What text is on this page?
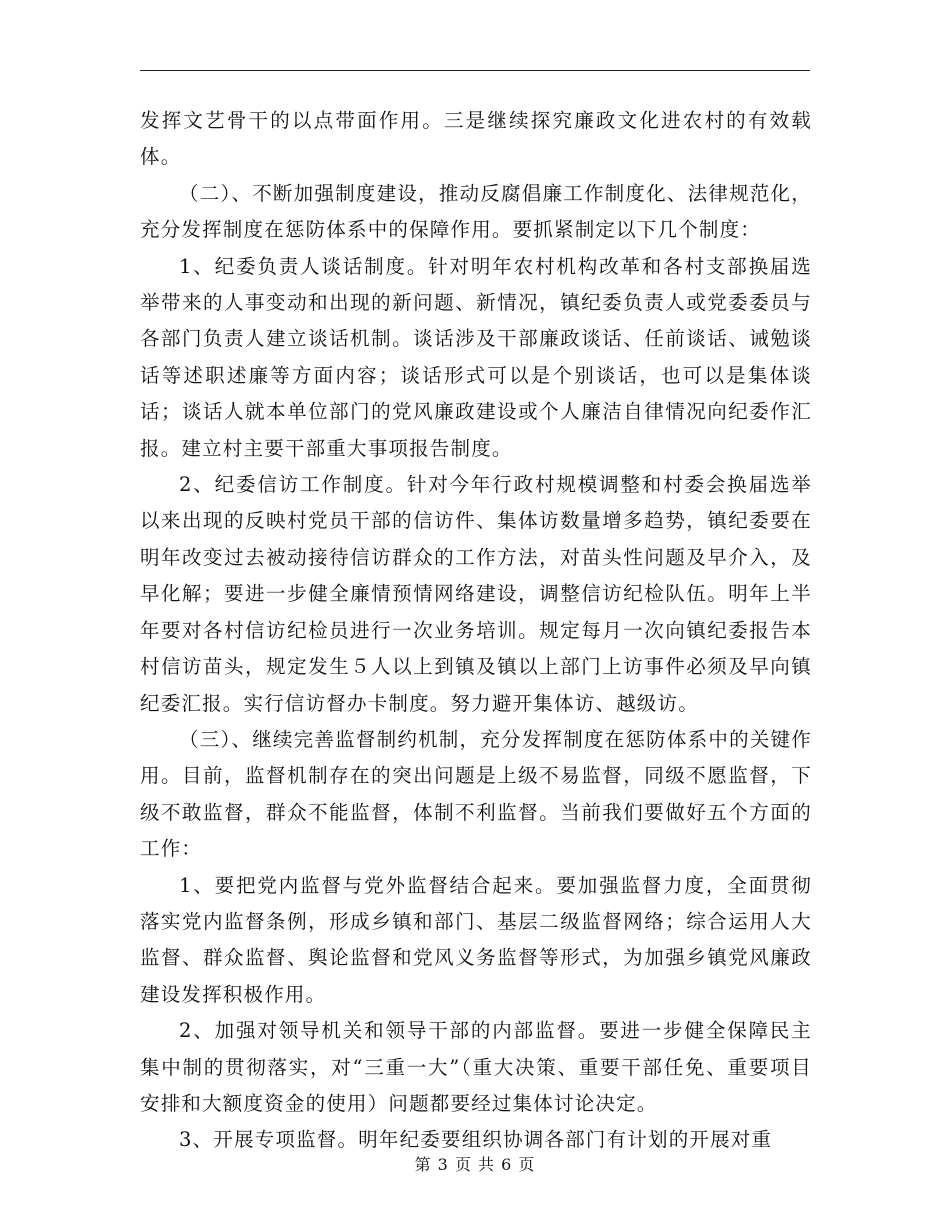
发挥文艺骨干的以点带面作用。三是继续探究廉政文化进农村的有效载体。

（二）、不断加强制度建设，推动反腐倡廉工作制度化、法律规范化，充分发挥制度在惩防体系中的保障作用。要抓紧制定以下几个制度：

1、纪委负责人谈话制度。针对明年农村机构改革和各村支部换届选举带来的人事变动和出现的新问题、新情况，镇纪委负责人或党委委员与各部门负责人建立谈话机制。谈话涉及干部廉政谈话、任前谈话、诫勉谈话等述职述廉等方面内容；谈话形式可以是个别谈话，也可以是集体谈话；谈话人就本单位部门的党风廉政建设或个人廉洁自律情况向纪委作汇报。建立村主要干部重大事项报告制度。

2、纪委信访工作制度。针对今年行政村规模调整和村委会换届选举以来出现的反映村党员干部的信访件、集体访数量增多趋势，镇纪委要在明年改变过去被动接待信访群众的工作方法，对苗头性问题及早介入，及早化解；要进一步健全廉情预情网络建设，调整信访纪检队伍。明年上半年要对各村信访纪检员进行一次业务培训。规定每月一次向镇纪委报告本村信访苗头，规定发生５人以上到镇及镇以上部门上访事件必须及早向镇纪委汇报。实行信访督办卡制度。努力避开集体访、越级访。

（三）、继续完善监督制约机制，充分发挥制度在惩防体系中的关键作用。目前，监督机制存在的突出问题是上级不易监督，同级不愿监督，下级不敢监督，群众不能监督，体制不利监督。当前我们要做好五个方面的工作：

1、要把党内监督与党外监督结合起来。要加强监督力度，全面贯彻落实党内监督条例，形成乡镇和部门、基层二级监督网络；综合运用人大监督、群众监督、舆论监督和党风义务监督等形式，为加强乡镇党风廉政建设发挥积极作用。

2、加强对领导机关和领导干部的内部监督。要进一步健全保障民主集中制的贯彻落实，对“三重一大”（重大决策、重要干部任免、重要项目安排和大额度资金的使用）问题都要经过集体讨论决定。

3、开展专项监督。明年纪委要组织协调各部门有计划的开展对重

第 3 页 共 6 页
